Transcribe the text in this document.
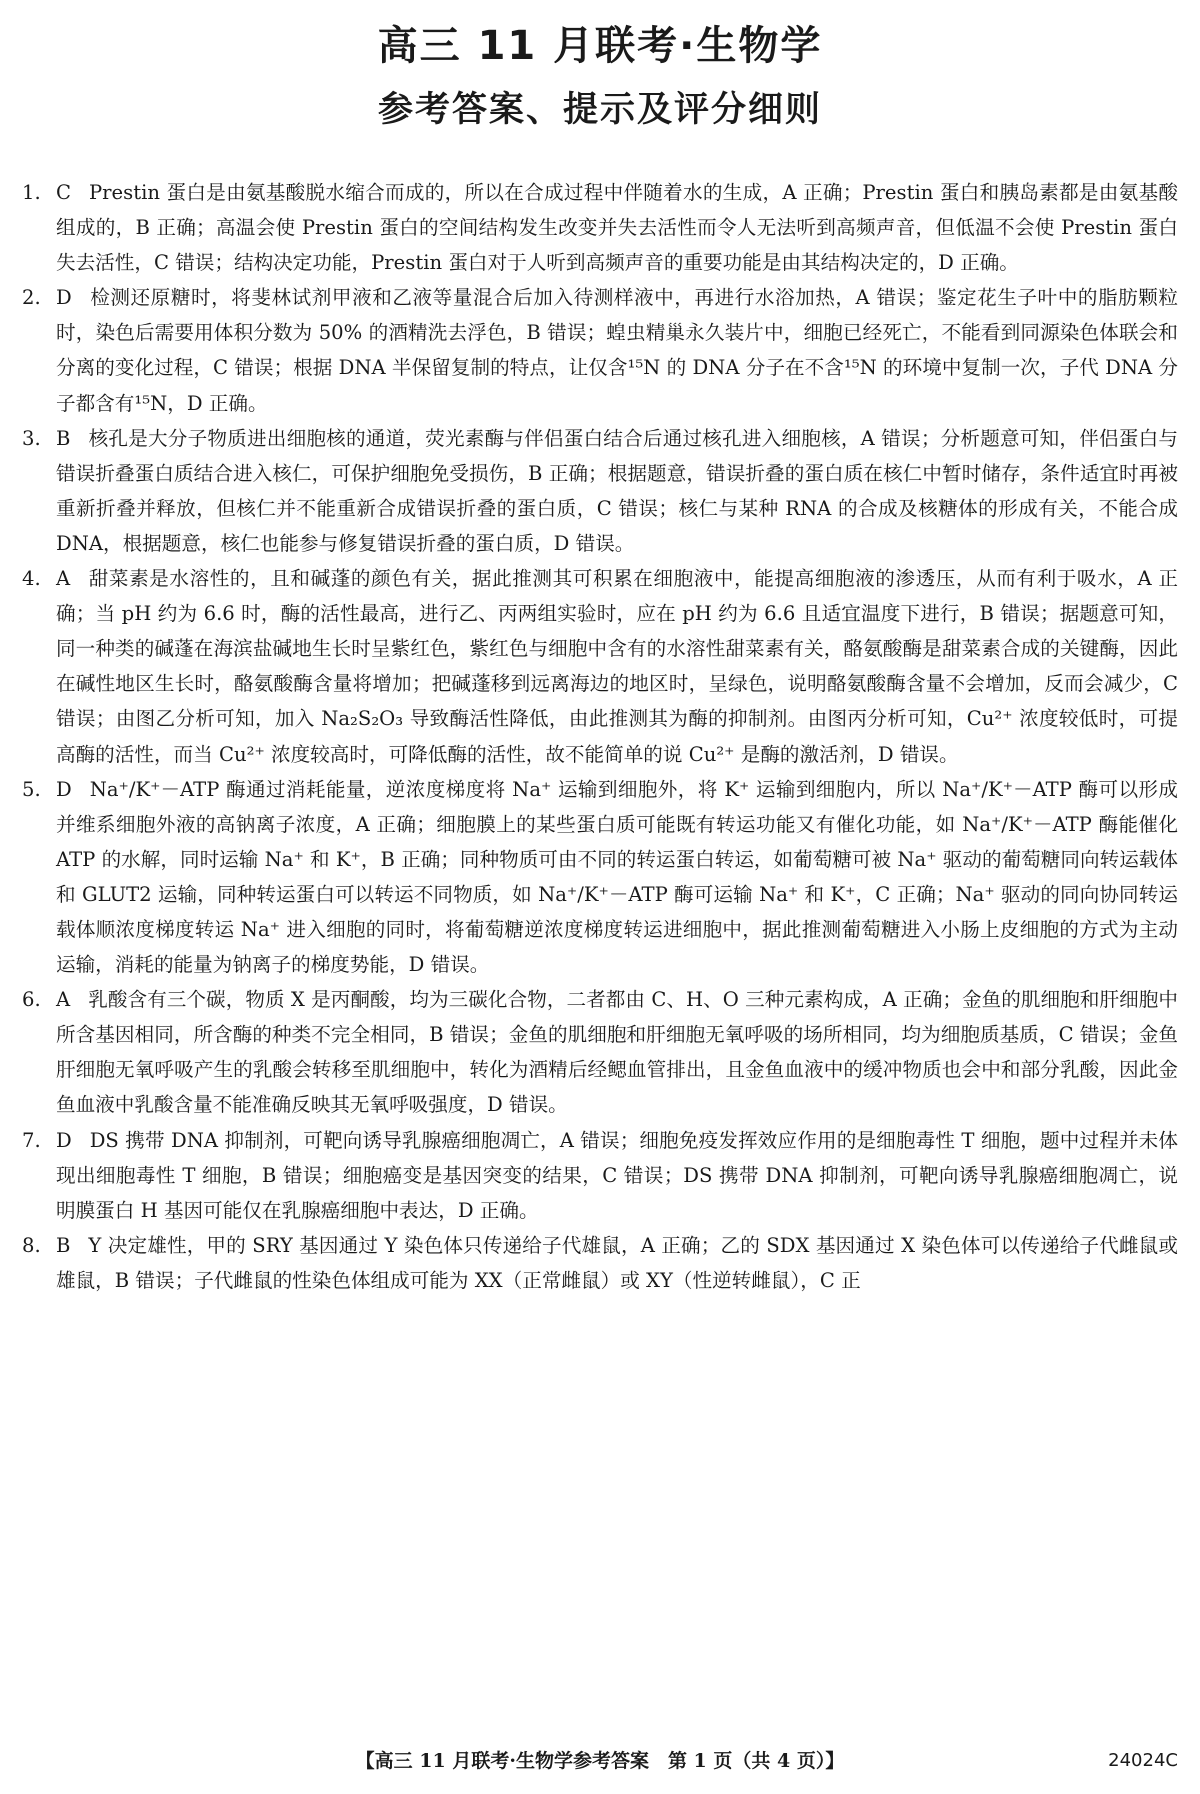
高三 11 月联考·生物学
参考答案、提示及评分细则
1. C Prestin 蛋白是由氨基酸脱水缩合而成的，所以在合成过程中伴随着水的生成，A 正确；Prestin 蛋白和胰岛素都是由氨基酸组成的，B 正确；高温会使 Prestin 蛋白的空间结构发生改变并失去活性而令人无法听到高频声音，但低温不会使 Prestin 蛋白失去活性，C 错误；结构决定功能，Prestin 蛋白对于人听到高频声音的重要功能是由其结构决定的，D 正确。
2. D 检测还原糖时，将斐林试剂甲液和乙液等量混合后加入待测样液中，再进行水浴加热，A 错误；鉴定花生子叶中的脂肪颗粒时，染色后需要用体积分数为 50% 的酒精洗去浮色，B 错误；蝗虫精巢永久装片中，细胞已经死亡，不能看到同源染色体联会和分离的变化过程，C 错误；根据 DNA 半保留复制的特点，让仅含¹⁵N 的 DNA 分子在不含¹⁵N 的环境中复制一次，子代 DNA 分子都含有¹⁵N，D 正确。
3. B 核孔是大分子物质进出细胞核的通道，荧光素酶与伴侣蛋白结合后通过核孔进入细胞核，A 错误；分析题意可知，伴侣蛋白与错误折叠蛋白质结合进入核仁，可保护细胞免受损伤，B 正确；根据题意，错误折叠的蛋白质在核仁中暂时储存，条件适宜时再被重新折叠并释放，但核仁并不能重新合成错误折叠的蛋白质，C 错误；核仁与某种 RNA 的合成及核糖体的形成有关，不能合成 DNA，根据题意，核仁也能参与修复错误折叠的蛋白质，D 错误。
4. A 甜菜素是水溶性的，且和碱蓬的颜色有关，据此推测其可积累在细胞液中，能提高细胞液的渗透压，从而有利于吸水，A 正确；当 pH 约为 6.6 时，酶的活性最高，进行乙、丙两组实验时，应在 pH 约为 6.6 且适宜温度下进行，B 错误；据题意可知，同一种类的碱蓬在海滨盐碱地生长时呈紫红色，紫红色与细胞中含有的水溶性甜菜素有关，酪氨酸酶是甜菜素合成的关键酶，因此在碱性地区生长时，酪氨酸酶含量将增加；把碱蓬移到远离海边的地区时，呈绿色，说明酪氨酸酶含量不会增加，反而会减少，C 错误；由图乙分析可知，加入 Na₂S₂O₃ 导致酶活性降低，由此推测其为酶的抑制剂。由图丙分析可知，Cu²⁺ 浓度较低时，可提高酶的活性，而当 Cu²⁺ 浓度较高时，可降低酶的活性，故不能简单的说 Cu²⁺ 是酶的激活剂，D 错误。
5. D Na⁺/K⁺－ATP 酶通过消耗能量，逆浓度梯度将 Na⁺ 运输到细胞外，将 K⁺ 运输到细胞内，所以 Na⁺/K⁺－ATP 酶可以形成并维系细胞外液的高钠离子浓度，A 正确；细胞膜上的某些蛋白质可能既有转运功能又有催化功能，如 Na⁺/K⁺－ATP 酶能催化 ATP 的水解，同时运输 Na⁺ 和 K⁺，B 正确；同种物质可由不同的转运蛋白转运，如葡萄糖可被 Na⁺ 驱动的葡萄糖同向转运载体和 GLUT2 运输，同种转运蛋白可以转运不同物质，如 Na⁺/K⁺－ATP 酶可运输 Na⁺ 和 K⁺，C 正确；Na⁺ 驱动的同向协同转运载体顺浓度梯度转运 Na⁺ 进入细胞的同时，将葡萄糖逆浓度梯度转运进细胞中，据此推测葡萄糖进入小肠上皮细胞的方式为主动运输，消耗的能量为钠离子的梯度势能，D 错误。
6. A 乳酸含有三个碳，物质 X 是丙酮酸，均为三碳化合物，二者都由 C、H、O 三种元素构成，A 正确；金鱼的肌细胞和肝细胞中所含基因相同，所含酶的种类不完全相同，B 错误；金鱼的肌细胞和肝细胞无氧呼吸的场所相同，均为细胞质基质，C 错误；金鱼肝细胞无氧呼吸产生的乳酸会转移至肌细胞中，转化为酒精后经鳃血管排出，且金鱼血液中的缓冲物质也会中和部分乳酸，因此金鱼血液中乳酸含量不能准确反映其无氧呼吸强度，D 错误。
7. D DS 携带 DNA 抑制剂，可靶向诱导乳腺癌细胞凋亡，A 错误；细胞免疫发挥效应作用的是细胞毒性 T 细胞，题中过程并未体现出细胞毒性 T 细胞，B 错误；细胞癌变是基因突变的结果，C 错误；DS 携带 DNA 抑制剂，可靶向诱导乳腺癌细胞凋亡，说明膜蛋白 H 基因可能仅在乳腺癌细胞中表达，D 正确。
8. B Y 决定雄性，甲的 SRY 基因通过 Y 染色体只传递给子代雄鼠，A 正确；乙的 SDX 基因通过 X 染色体可以传递给子代雌鼠或雄鼠，B 错误；子代雌鼠的性染色体组成可能为 XX（正常雌鼠）或 XY（性逆转雌鼠），C 正
【高三 11 月联考·生物学参考答案　第 1 页（共 4 页）】	24024C
